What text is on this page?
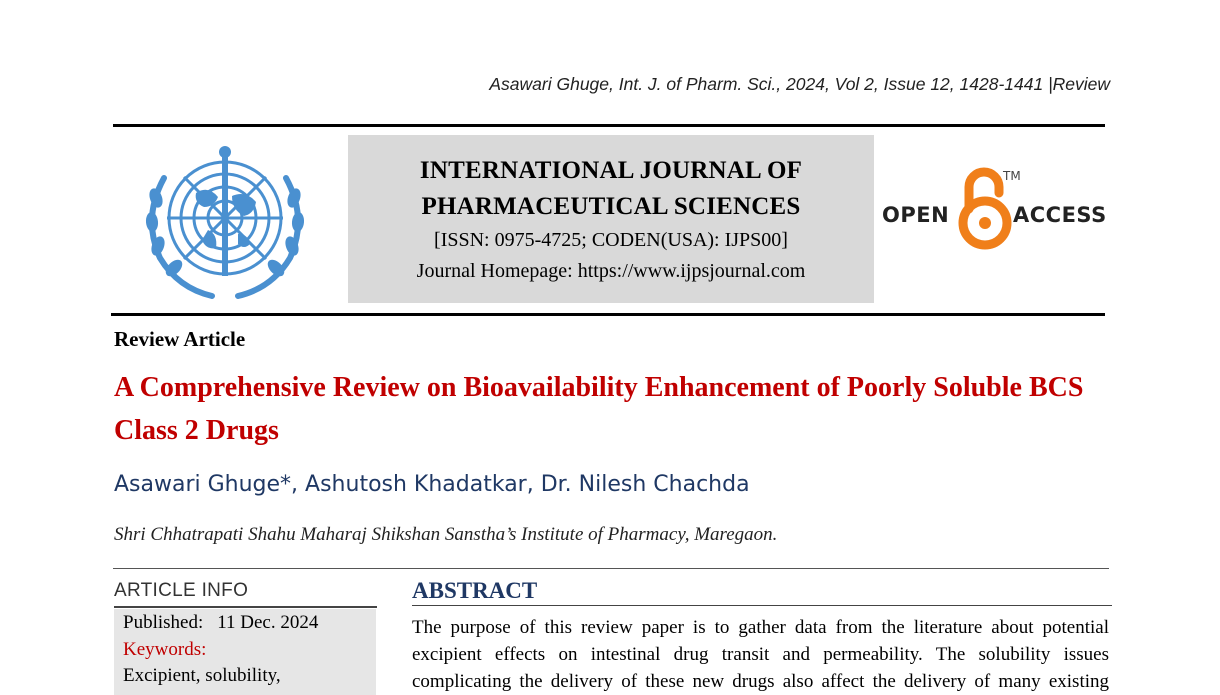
Asawari Ghuge, Int. J. of Pharm. Sci., 2024, Vol 2, Issue 12, 1428-1441 |Review
INTERNATIONAL JOURNAL OF
PHARMACEUTICAL SCIENCES
[ISSN: 0975-4725; CODEN(USA): IJPS00]
Journal Homepage: https://www.ijpsjournal.com
OPEN
TM
ACCESS
Review Article
A Comprehensive Review on Bioavailability Enhancement of Poorly Soluble BCS Class 2 Drugs
Asawari Ghuge*, Ashutosh Khadatkar, Dr. Nilesh Chachda
Shri Chhatrapati Shahu Maharaj Shikshan Sanstha’s Institute of Pharmacy, Maregaon.
ARTICLE INFO
Published: 11 Dec. 2024
Keywords:
Excipient, solubility,
ABSTRACT
The purpose of this review paper is to gather data from the literature about potential
excipient effects on intestinal drug transit and permeability. The solubility issues
complicating the delivery of these new drugs also affect the delivery of many existing
